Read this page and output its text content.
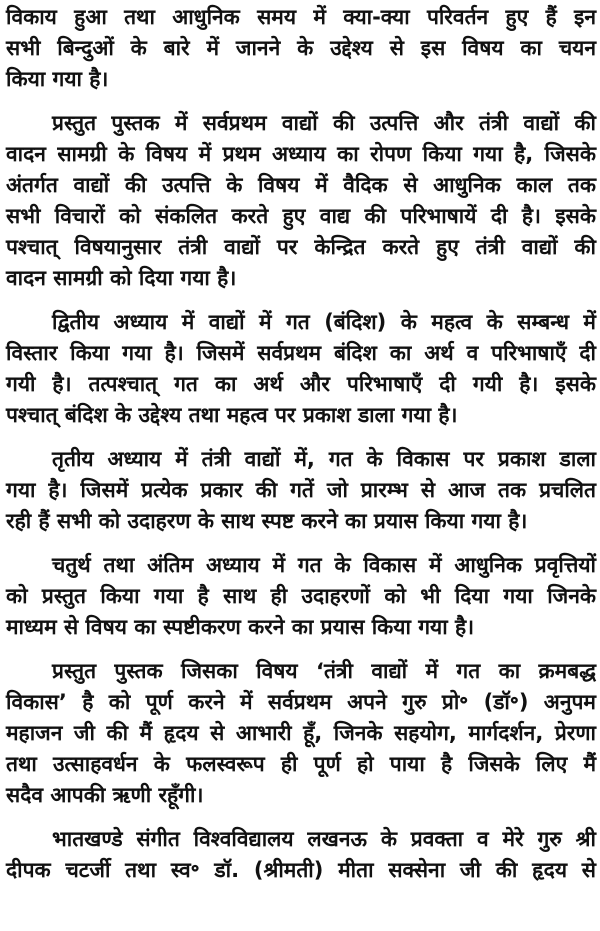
विकाय हुआ तथा आधुनिक समय में क्या-क्या परिवर्तन हुए हैं इन
सभी बिन्दुओं के बारे में जानने के उद्देश्य से इस विषय का चयन
किया गया है।

प्रस्तुत पुस्तक में सर्वप्रथम वाद्यों की उत्पत्ति और तंत्री वाद्यों की
वादन सामग्री के विषय में प्रथम अध्याय का रोपण किया गया है, जिसके
अंतर्गत वाद्यों की उत्पत्ति के विषय में वैदिक से आधुनिक काल तक
सभी विचारों को संकलित करते हुए वाद्य की परिभाषायें दी है। इसके
पश्चात् विषयानुसार तंत्री वाद्यों पर केन्द्रित करते हुए तंत्री वाद्यों की
वादन सामग्री को दिया गया है।

द्वितीय अध्याय में वाद्यों में गत (बंदिश) के महत्व के सम्बन्ध में
विस्तार किया गया है। जिसमें सर्वप्रथम बंदिश का अर्थ व परिभाषाएँ दी
गयी है। तत्पश्चात् गत का अर्थ और परिभाषाएँ दी गयी है। इसके
पश्चात् बंदिश के उद्देश्य तथा महत्व पर प्रकाश डाला गया है।

तृतीय अध्याय में तंत्री वाद्यों में, गत के विकास पर प्रकाश डाला
गया है। जिसमें प्रत्येक प्रकार की गतें जो प्रारम्भ से आज तक प्रचलित
रही हैं सभी को उदाहरण के साथ स्पष्ट करने का प्रयास किया गया है।

चतुर्थ तथा अंतिम अध्याय में गत के विकास में आधुनिक प्रवृत्तियों
को प्रस्तुत किया गया है साथ ही उदाहरणों को भी दिया गया जिनके
माध्यम से विषय का स्पष्टीकरण करने का प्रयास किया गया है।

प्रस्तुत पुस्तक जिसका विषय ‘तंत्री वाद्यों में गत का क्रमबद्ध
विकास’ है को पूर्ण करने में सर्वप्रथम अपने गुरु प्रो॰ (डॉ॰) अनुपम
महाजन जी की मैं हृदय से आभारी हूँ, जिनके सहयोग, मार्गदर्शन, प्रेरणा
तथा उत्साहवर्धन के फलस्वरूप ही पूर्ण हो पाया है जिसके लिए मैं
सदैव आपकी ऋणी रहूँगी।

भातखण्डे संगीत विश्वविद्यालय लखनऊ के प्रवक्ता व मेरे गुरु श्री
दीपक चटर्जी तथा स्व॰ डॉ. (श्रीमती) मीता सक्सेना जी की हृदय से
